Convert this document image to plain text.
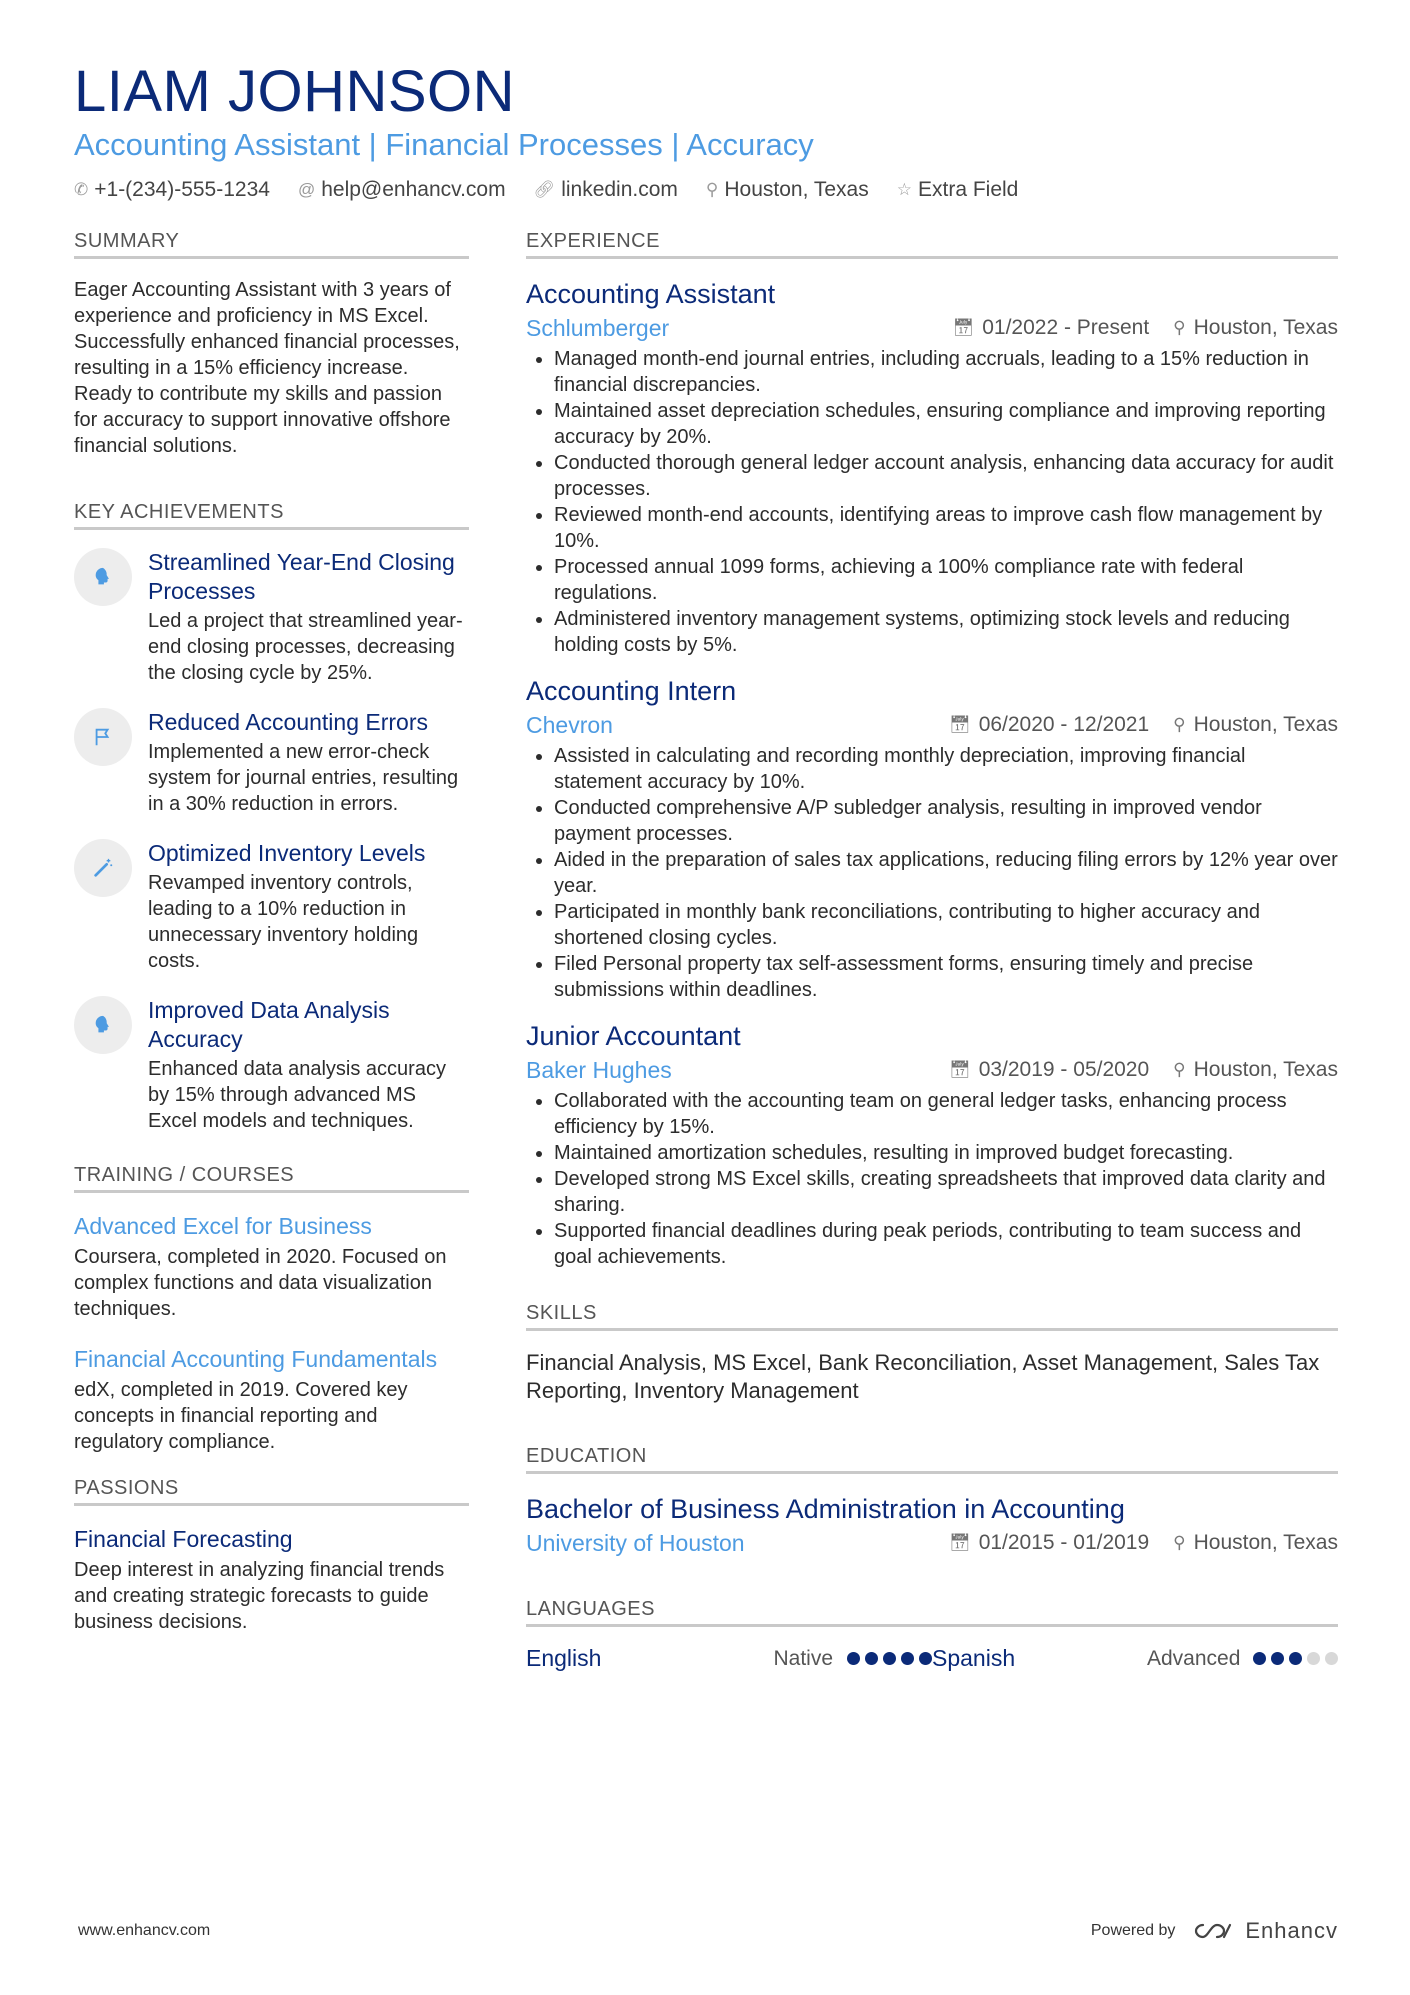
LIAM JOHNSON
Accounting Assistant | Financial Processes | Accuracy
✆ +1-(234)-555-1234 @ help@enhancv.com 🔗︎ linkedin.com ⚲ Houston, Texas ☆ Extra Field
SUMMARY
Eager Accounting Assistant with 3 years of experience and proficiency in MS Excel. Successfully enhanced financial processes, resulting in a 15% efficiency increase. Ready to contribute my skills and passion for accuracy to support innovative offshore financial solutions.
KEY ACHIEVEMENTS
Streamlined Year-End Closing Processes
Led a project that streamlined year-end closing processes, decreasing the closing cycle by 25%.
Reduced Accounting Errors
Implemented a new error-check system for journal entries, resulting in a 30% reduction in errors.
Optimized Inventory Levels
Revamped inventory controls, leading to a 10% reduction in unnecessary inventory holding costs.
Improved Data Analysis Accuracy
Enhanced data analysis accuracy by 15% through advanced MS Excel models and techniques.
TRAINING / COURSES
Advanced Excel for Business
Coursera, completed in 2020. Focused on complex functions and data visualization techniques.
Financial Accounting Fundamentals
edX, completed in 2019. Covered key concepts in financial reporting and regulatory compliance.
PASSIONS
Financial Forecasting
Deep interest in analyzing financial trends and creating strategic forecasts to guide business decisions.
EXPERIENCE
Accounting Assistant
Schlumberger	📅︎ 01/2022 - Present ⚲ Houston, Texas
• Managed month-end journal entries, including accruals, leading to a 15% reduction in financial discrepancies.
• Maintained asset depreciation schedules, ensuring compliance and improving reporting accuracy by 20%.
• Conducted thorough general ledger account analysis, enhancing data accuracy for audit processes.
• Reviewed month-end accounts, identifying areas to improve cash flow management by 10%.
• Processed annual 1099 forms, achieving a 100% compliance rate with federal regulations.
• Administered inventory management systems, optimizing stock levels and reducing holding costs by 5%.
Accounting Intern
Chevron	📅︎ 06/2020 - 12/2021 ⚲ Houston, Texas
• Assisted in calculating and recording monthly depreciation, improving financial statement accuracy by 10%.
• Conducted comprehensive A/P subledger analysis, resulting in improved vendor payment processes.
• Aided in the preparation of sales tax applications, reducing filing errors by 12% year over year.
• Participated in monthly bank reconciliations, contributing to higher accuracy and shortened closing cycles.
• Filed Personal property tax self-assessment forms, ensuring timely and precise submissions within deadlines.
Junior Accountant
Baker Hughes	📅︎ 03/2019 - 05/2020 ⚲ Houston, Texas
• Collaborated with the accounting team on general ledger tasks, enhancing process efficiency by 15%.
• Maintained amortization schedules, resulting in improved budget forecasting.
• Developed strong MS Excel skills, creating spreadsheets that improved data clarity and sharing.
• Supported financial deadlines during peak periods, contributing to team success and goal achievements.
SKILLS
Financial Analysis, MS Excel, Bank Reconciliation, Asset Management, Sales Tax Reporting, Inventory Management
EDUCATION
Bachelor of Business Administration in Accounting
University of Houston	📅︎ 01/2015 - 01/2019 ⚲ Houston, Texas
LANGUAGES
English	Native	Spanish	Advanced
www.enhancv.com	Powered by	Enhancv
